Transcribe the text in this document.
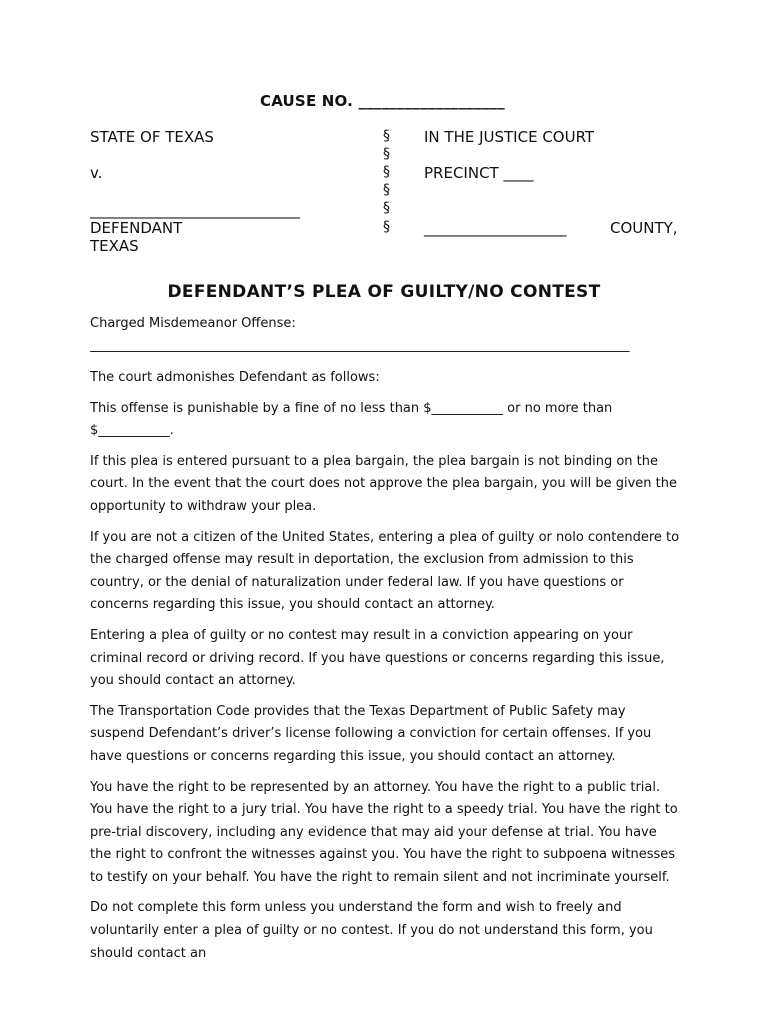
CAUSE NO. ___________________
STATE OF TEXAS
v.
____________________________
DEFENDANT
TEXAS
§
§
§
§
§
§
IN THE JUSTICE COURT
PRECINCT ____
___________________	COUNTY,
DEFENDANT’S PLEA OF GUILTY/NO CONTEST
Charged Misdemeanor Offense:
___________________________________________________________________________________

The court admonishes Defendant as follows:

This offense is punishable by a fine of no less than $___________ or no more than $___________.

If this plea is entered pursuant to a plea bargain, the plea bargain is not binding on the court. In the event that the court does not approve the plea bargain, you will be given the opportunity to withdraw your plea.

If you are not a citizen of the United States, entering a plea of guilty or nolo contendere to the charged offense may result in deportation, the exclusion from admission to this country, or the denial of naturalization under federal law. If you have questions or concerns regarding this issue, you should contact an attorney.

Entering a plea of guilty or no contest may result in a conviction appearing on your criminal record or driving record. If you have questions or concerns regarding this issue, you should contact an attorney.

The Transportation Code provides that the Texas Department of Public Safety may suspend Defendant’s driver’s license following a conviction for certain offenses. If you have questions or concerns regarding this issue, you should contact an attorney.

You have the right to be represented by an attorney. You have the right to a public trial. You have the right to a jury trial. You have the right to a speedy trial. You have the right to pre-trial discovery, including any evidence that may aid your defense at trial. You have the right to confront the witnesses against you. You have the right to subpoena witnesses to testify on your behalf. You have the right to remain silent and not incriminate yourself.

Do not complete this form unless you understand the form and wish to freely and voluntarily enter a plea of guilty or no contest. If you do not understand this form, you should contact an
